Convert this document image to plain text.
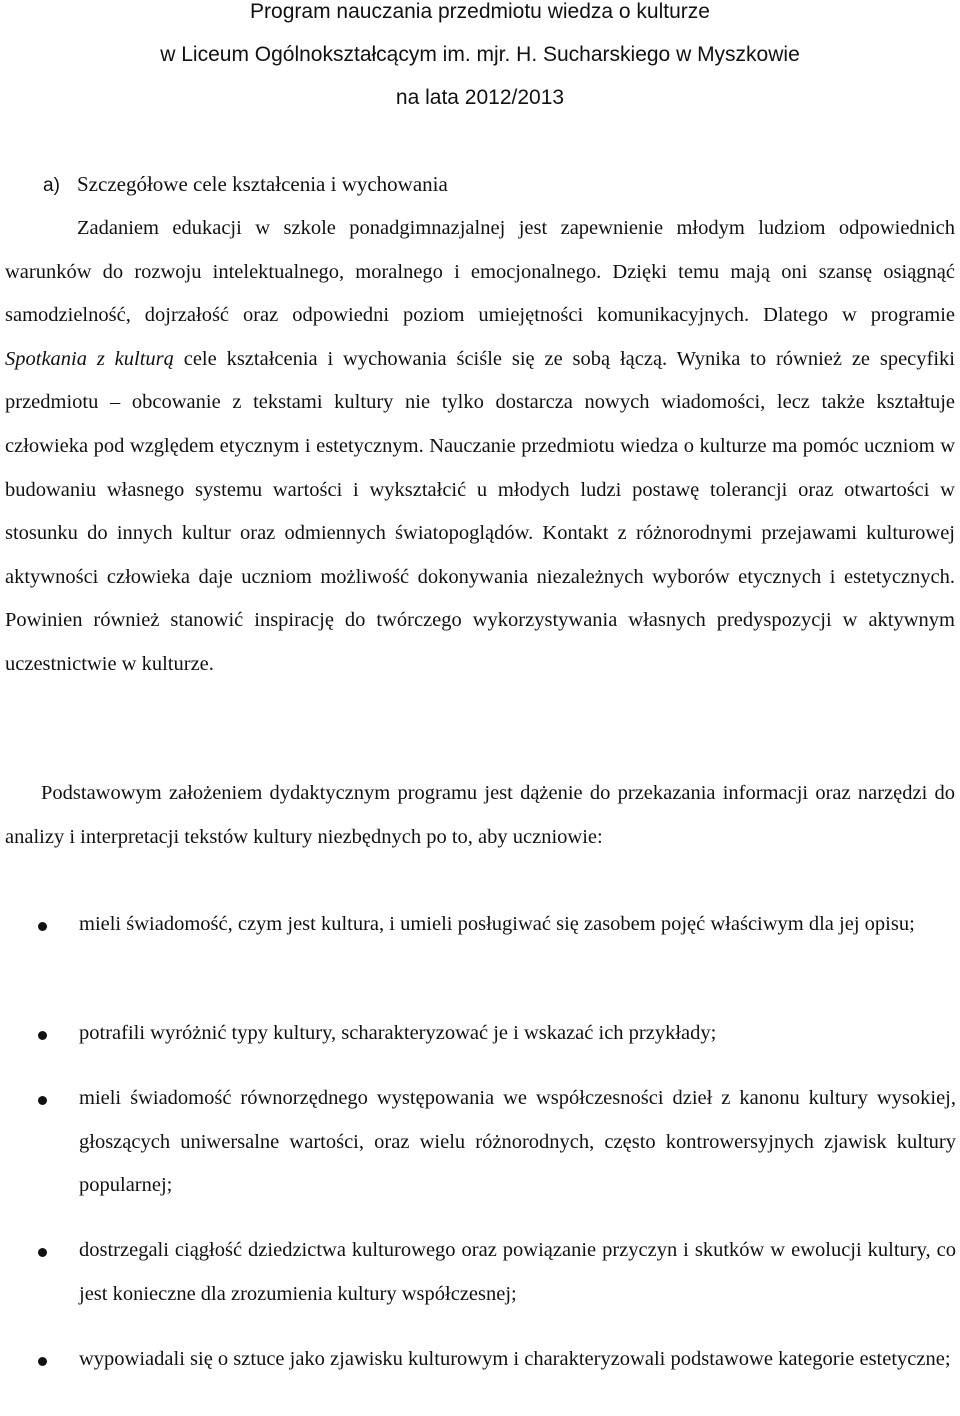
Program nauczania przedmiotu wiedza o kulturze
w Liceum Ogólnokształcącym im. mjr. H. Sucharskiego w Myszkowie
na lata 2012/2013
a) Szczegółowe cele kształcenia i wychowania

Zadaniem edukacji w szkole ponadgimnazjalnej jest zapewnienie młodym ludziom odpowiednich warunków do rozwoju intelektualnego, moralnego i emocjonalnego. Dzięki temu mają oni szansę osiągnąć samodzielność, dojrzałość oraz odpowiedni poziom umiejętności komunikacyjnych. Dlatego w programie Spotkania z kulturą cele kształcenia i wychowania ściśle się ze sobą łączą. Wynika to również ze specyfiki przedmiotu – obcowanie z tekstami kultury nie tylko dostarcza nowych wiadomości, lecz także kształtuje człowieka pod względem etycznym i estetycznym. Nauczanie przedmiotu wiedza o kulturze ma pomóc uczniom w budowaniu własnego systemu wartości i wykształcić u młodych ludzi postawę tolerancji oraz otwartości w stosunku do innych kultur oraz odmiennych światopoglądów. Kontakt z różnorodnymi przejawami kulturowej aktywności człowieka daje uczniom możliwość dokonywania niezależnych wyborów etycznych i estetycznych. Powinien również stanowić inspirację do twórczego wykorzystywania własnych predyspozycji w aktywnym uczestnictwie w kulturze.

Podstawowym założeniem dydaktycznym programu jest dążenie do przekazania informacji oraz narzędzi do analizy i interpretacji tekstów kultury niezbędnych po to, aby uczniowie:

mieli świadomość, czym jest kultura, i umieli posługiwać się zasobem pojęć właściwym dla jej opisu;

potrafili wyróżnić typy kultury, scharakteryzować je i wskazać ich przykłady;

mieli świadomość równorzędnego występowania we współczesności dzieł z kanonu kultury wysokiej, głoszących uniwersalne wartości, oraz wielu różnorodnych, często kontrowersyjnych zjawisk kultury popularnej;

dostrzegali ciągłość dziedzictwa kulturowego oraz powiązanie przyczyn i skutków w ewolucji kultury, co jest konieczne dla zrozumienia kultury współczesnej;

wypowiadali się o sztuce jako zjawisku kulturowym i charakteryzowali podstawowe kategorie estetyczne;
